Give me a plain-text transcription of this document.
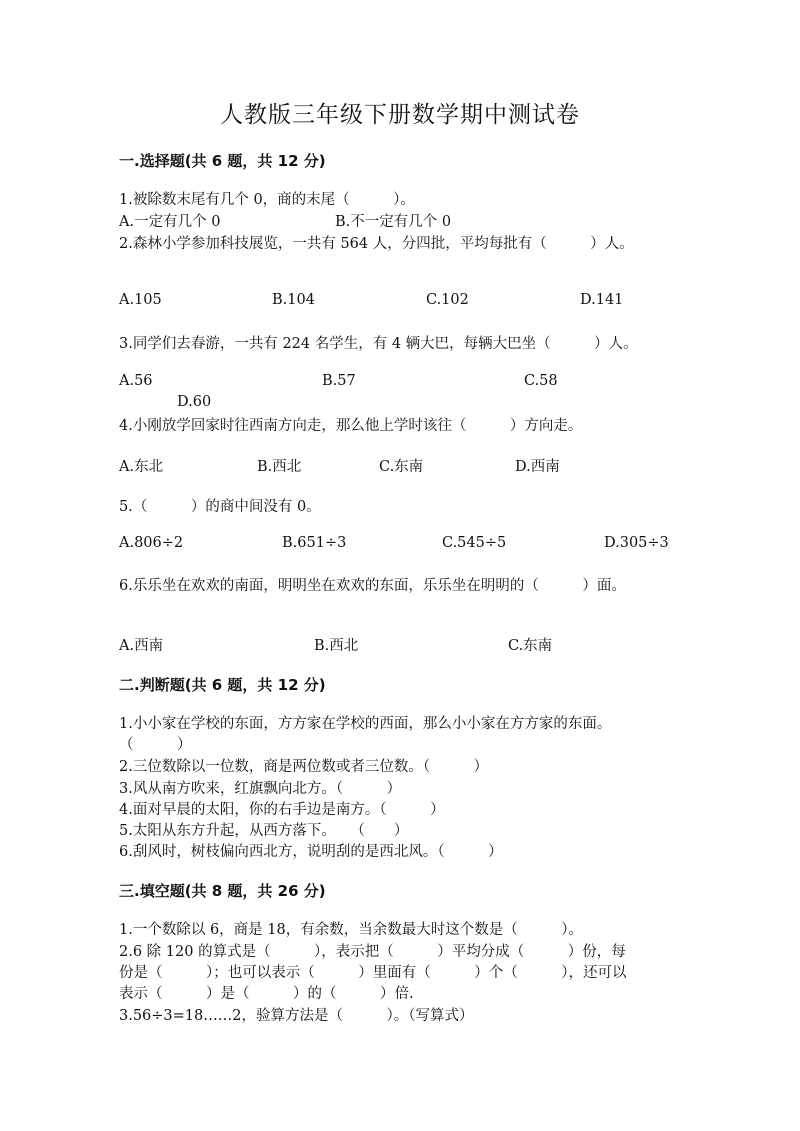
人教版三年级下册数学期中测试卷
一.选择题(共 6 题，共 12 分)
1.被除数末尾有几个 0，商的末尾（　　　）。
A.一定有几个 0	B.不一定有几个 0
2.森林小学参加科技展览，一共有 564 人，分四批，平均每批有（　　　）人。
A.105	B.104	C.102	D.141
3.同学们去春游，一共有 224 名学生，有 4 辆大巴，每辆大巴坐（　　　）人。
A.56	B.57	C.58
D.60
4.小刚放学回家时往西南方向走，那么他上学时该往（　　　）方向走。
A.东北	B.西北	C.东南	D.西南
5.（　　　）的商中间没有 0。
A.806÷2	B.651÷3	C.545÷5	D.305÷3
6.乐乐坐在欢欢的南面，明明坐在欢欢的东面，乐乐坐在明明的（　　　）面。
A.西南	B.西北	C.东南
二.判断题(共 6 题，共 12 分)
1.小小家在学校的东面，方方家在学校的西面，那么小小家在方方家的东面。
（　　　）
2.三位数除以一位数，商是两位数或者三位数。（　　　）
3.风从南方吹来，红旗飘向北方。（　　　）
4.面对早晨的太阳，你的右手边是南方。（　　　）
5.太阳从东方升起，从西方落下。　　（　　）
6.刮风时，树枝偏向西北方，说明刮的是西北风。（　　　）
三.填空题(共 8 题，共 26 分)
1.一个数除以 6，商是 18，有余数，当余数最大时这个数是（　　　）。
2.6 除 120 的算式是（　　　），表示把（　　　）平均分成（　　　）份，每
份是（　　　）；也可以表示（　　　）里面有（　　　）个（　　　），还可以
表示（　　　）是（　　　）的（　　　）倍.
3.56÷3=18……2，验算方法是（　　　）。（写算式）
